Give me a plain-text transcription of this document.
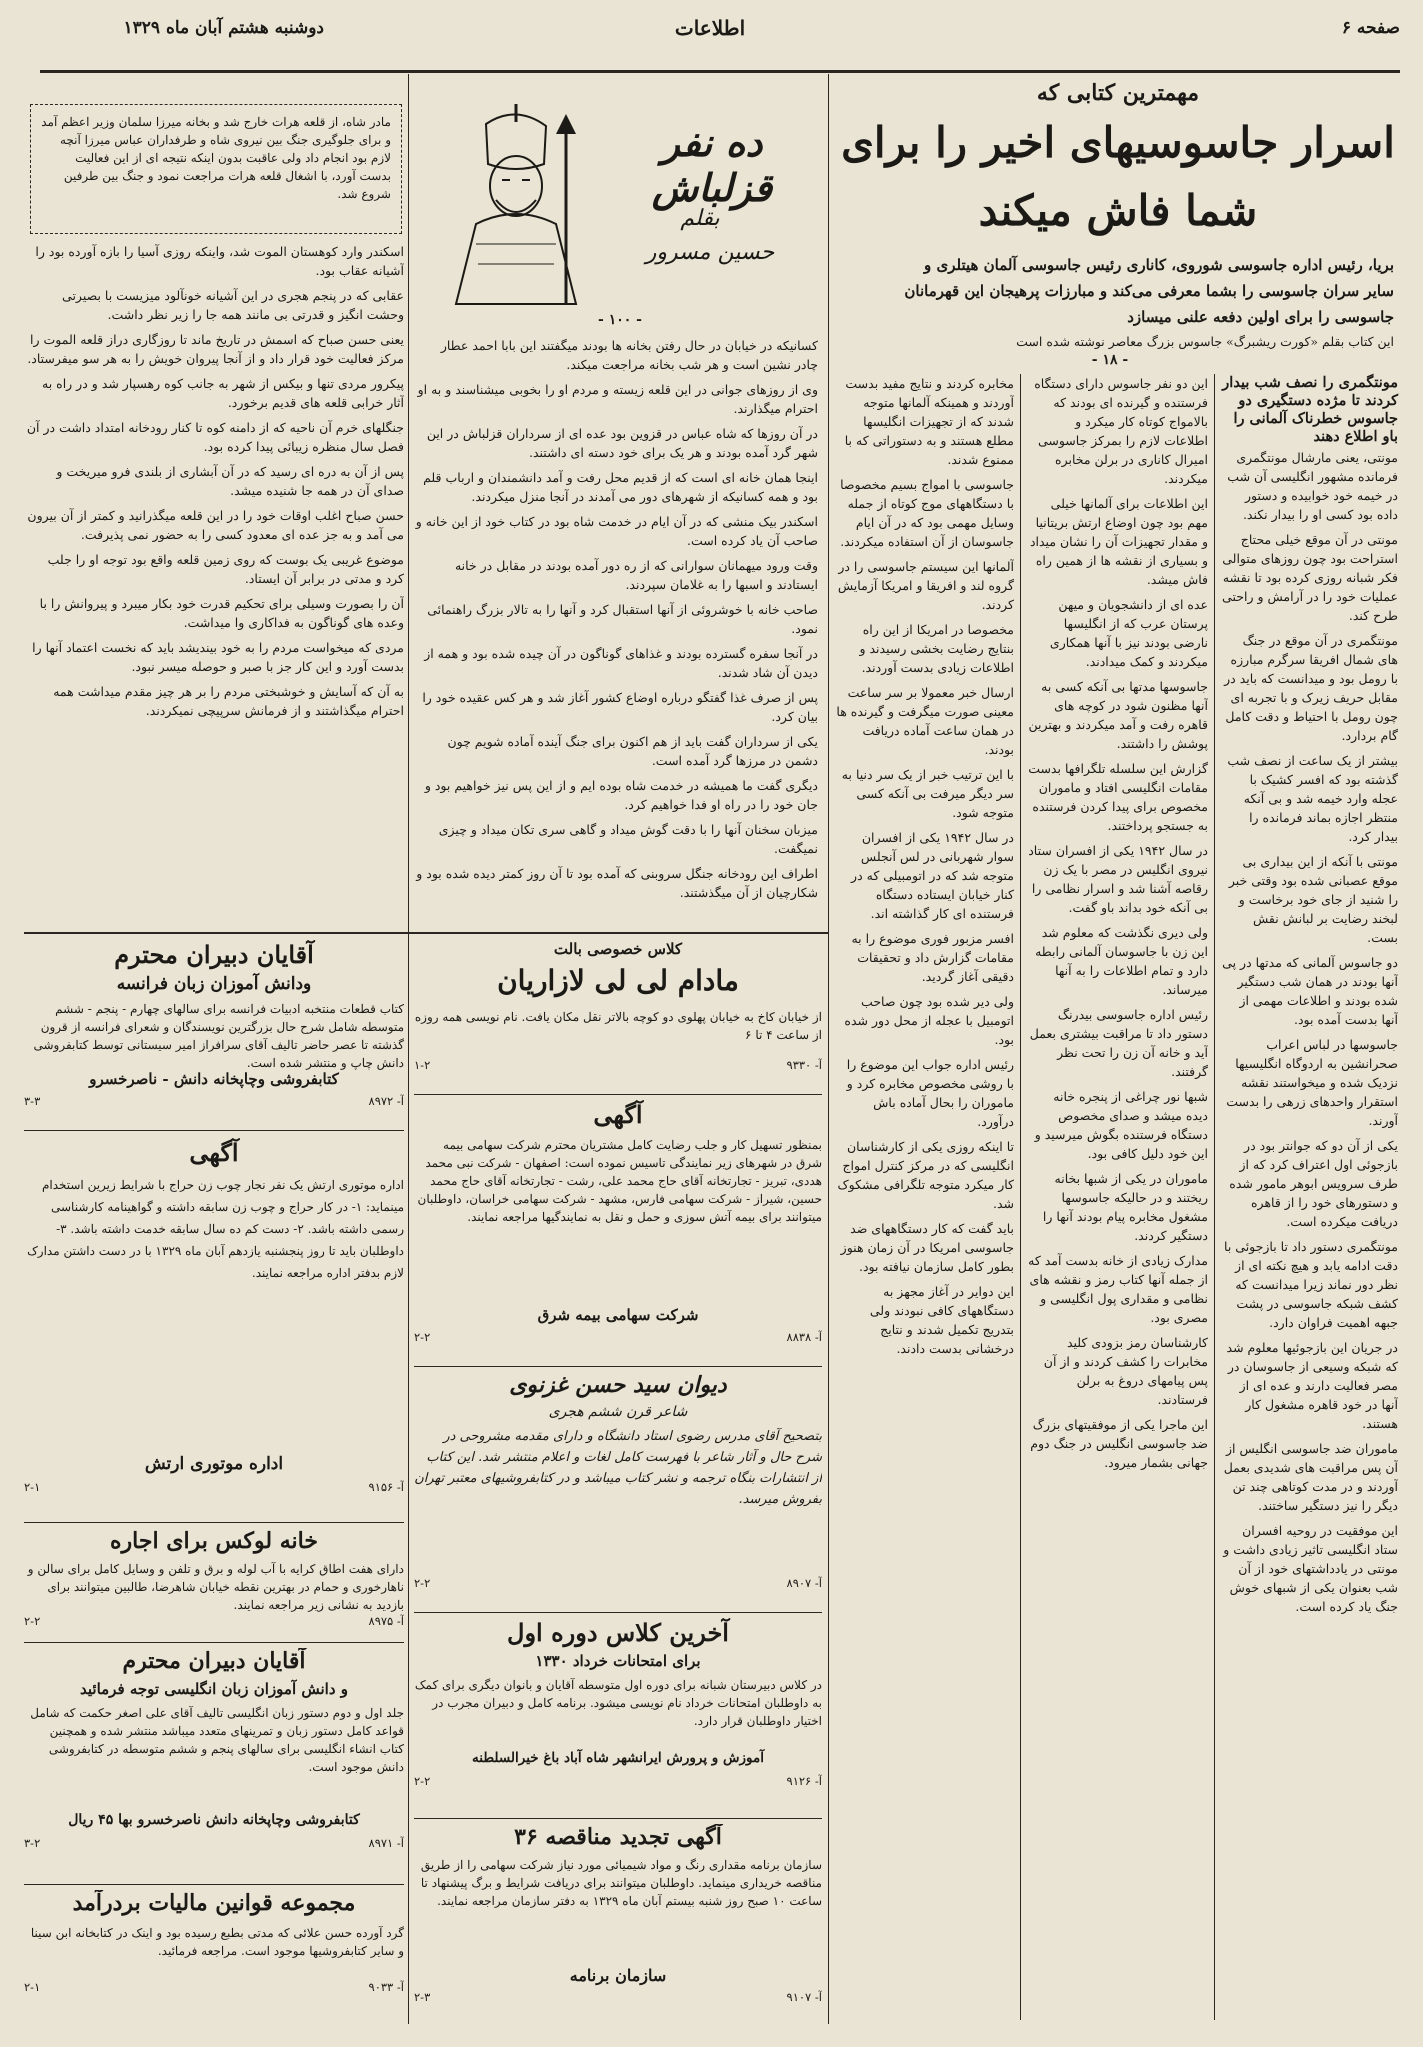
دوشنبه هشتم آبان ماه ۱۳۲۹	اطلاعات	صفحه ۶
مهمترین کتابی که
اسرار جاسوسیهای اخیر را برای
شما فاش میکند
بریا، رئیس اداره جاسوسی شوروی، کاناری رئیس جاسوسی آلمان هیتلری و
سایر سران جاسوسی را بشما معرفی می‌کند و مبارزات پرهیجان این قهرمانان
جاسوسی را برای اولین دفعه علنی میسازد
این کتاب بقلم «کورت ریشبرگ» جاسوس بزرگ معاصر نوشته شده است
- ۱۸ -
مونتگمری را نصف شب بیدار کردند تا مژده دستگیری دو جاسوس خطرناک آلمانی را باو اطلاع دهند

مونتی، یعنی مارشال مونتگمری فرمانده مشهور انگلیسی آن شب در خیمه خود خوابیده و دستور داده بود کسی او را بیدار نکند.

مونتی در آن موقع خیلی محتاج استراحت بود چون روزهای متوالی فکر شبانه روزی کرده بود تا نقشه عملیات خود را در آرامش و راحتی طرح کند.

مونتگمری در آن موقع در جنگ های شمال افریقا سرگرم مبارزه با رومل بود و میدانست که باید در مقابل حریف زیرک و با تجربه ای چون رومل با احتیاط و دقت کامل گام بردارد.

بیشتر از یک ساعت از نصف شب گذشته بود که افسر کشیک با عجله وارد خیمه شد و بی آنکه منتظر اجازه بماند فرمانده را بیدار کرد.

مونتی با آنکه از این بیداری بی موقع عصبانی شده بود وقتی خبر را شنید از جای خود برخاست و لبخند رضایت بر لبانش نقش بست.

دو جاسوس آلمانی که مدتها در پی آنها بودند در همان شب دستگیر شده بودند و اطلاعات مهمی از آنها بدست آمده بود.

جاسوسها در لباس اعراب صحرانشین به اردوگاه انگلیسیها نزدیک شده و میخواستند نقشه استقرار واحدهای زرهی را بدست آورند.

یکی از آن دو که جوانتر بود در بازجوئی اول اعتراف کرد که از طرف سرویس ابوهر مامور شده و دستورهای خود را از قاهره دریافت میکرده است.

مونتگمری دستور داد تا بازجوئی با دقت ادامه یابد و هیچ نکته ای از نظر دور نماند زیرا میدانست که کشف شبکه جاسوسی در پشت جبهه اهمیت فراوان دارد.

در جریان این بازجوئیها معلوم شد که شبکه وسیعی از جاسوسان در مصر فعالیت دارند و عده ای از آنها در خود قاهره مشغول کار هستند.

ماموران ضد جاسوسی انگلیس از آن پس مراقبت های شدیدی بعمل آوردند و در مدت کوتاهی چند تن دیگر را نیز دستگیر ساختند.

این موفقیت در روحیه افسران ستاد انگلیسی تاثیر زیادی داشت و مونتی در یادداشتهای خود از آن شب بعنوان یکی از شبهای خوش جنگ یاد کرده است.

این دو نفر جاسوس دارای دستگاه فرستنده و گیرنده ای بودند که بالامواج کوتاه کار میکرد و اطلاعات لازم را بمرکز جاسوسی امیرال کاناری در برلن مخابره میکردند.

این اطلاعات برای آلمانها خیلی مهم بود چون اوضاع ارتش بریتانیا و مقدار تجهیزات آن را نشان میداد و بسیاری از نقشه ها از همین راه فاش میشد.

عده ای از دانشجویان و میهن پرستان عرب که از انگلیسها نارضی بودند نیز با آنها همکاری میکردند و کمک میدادند.

جاسوسها مدتها بی آنکه کسی به آنها مظنون شود در کوچه های قاهره رفت و آمد میکردند و بهترین پوشش را داشتند.

گزارش این سلسله تلگرافها بدست مقامات انگلیسی افتاد و ماموران مخصوص برای پیدا کردن فرستنده به جستجو پرداختند.

در سال ۱۹۴۲ یکی از افسران ستاد نیروی انگلیس در مصر با یک زن رقاصه آشنا شد و اسرار نظامی را بی آنکه خود بداند باو گفت.

ولی دیری نگذشت که معلوم شد این زن با جاسوسان آلمانی رابطه دارد و تمام اطلاعات را به آنها میرساند.

رئیس اداره جاسوسی بیدرنگ دستور داد تا مراقبت بیشتری بعمل آید و خانه آن زن را تحت نظر گرفتند.

شبها نور چراغی از پنجره خانه دیده میشد و صدای مخصوص دستگاه فرستنده بگوش میرسید و این خود دلیل کافی بود.

ماموران در یکی از شبها بخانه ریختند و در حالیکه جاسوسها مشغول مخابره پیام بودند آنها را دستگیر کردند.

مدارک زیادی از خانه بدست آمد که از جمله آنها کتاب رمز و نقشه های نظامی و مقداری پول انگلیسی و مصری بود.

کارشناسان رمز بزودی کلید مخابرات را کشف کردند و از آن پس پیامهای دروغ به برلن فرستادند.

این ماجرا یکی از موفقیتهای بزرگ ضد جاسوسی انگلیس در جنگ دوم جهانی بشمار میرود.

مخابره کردند و نتایج مفید بدست آوردند و همینکه آلمانها متوجه شدند که از تجهیزات انگلیسها مطلع هستند و به دستوراتی که با ممنوع شدند.

جاسوسی با امواج بسیم مخصوصا با دستگاههای موج کوتاه از جمله وسایل مهمی بود که در آن ایام جاسوسان از آن استفاده میکردند.

آلمانها این سیستم جاسوسی را در گروه لند و افریقا و امریکا آزمایش کردند.

مخصوصا در امریکا از این راه بنتایج رضایت بخشی رسیدند و اطلاعات زیادی بدست آوردند.

ارسال خبر معمولا بر سر ساعت معینی صورت میگرفت و گیرنده ها در همان ساعت آماده دریافت بودند.

با این ترتیب خبر از یک سر دنیا به سر دیگر میرفت بی آنکه کسی متوجه شود.

در سال ۱۹۴۲ یکی از افسران سوار شهربانی در لس آنجلس متوجه شد که در اتومبیلی که در کنار خیابان ایستاده دستگاه فرستنده ای کار گذاشته اند.

افسر مزبور فوری موضوع را به مقامات گزارش داد و تحقیقات دقیقی آغاز گردید.

ولی دیر شده بود چون صاحب اتومبیل با عجله از محل دور شده بود.

رئیس اداره جواب این موضوع را با روشی مخصوص مخابره کرد و ماموران را بحال آماده باش درآورد.

تا اینکه روزی یکی از کارشناسان انگلیسی که در مرکز کنترل امواج کار میکرد متوجه تلگرافی مشکوک شد.

باید گفت که کار دستگاههای ضد جاسوسی امریکا در آن زمان هنوز بطور کامل سازمان نیافته بود.

این دوایر در آغاز مجهز به دستگاههای کافی نبودند ولی بتدریج تکمیل شدند و نتایج درخشانی بدست دادند.

ده نفر قزلباش
بقلم
حسین مسرور
- ۱۰۰ -

کسانیکه در خیابان در حال رفتن بخانه ها بودند میگفتند این بابا احمد عطار چادر نشین است و هر شب بخانه مراجعت میکند.

وی از روزهای جوانی در این قلعه زیسته و مردم او را بخوبی میشناسند و به او احترام میگذارند.

در آن روزها که شاه عباس در قزوین بود عده ای از سرداران قزلباش در این شهر گرد آمده بودند و هر یک برای خود دسته ای داشتند.

اینجا همان خانه ای است که از قدیم محل رفت و آمد دانشمندان و ارباب قلم بود و همه کسانیکه از شهرهای دور می آمدند در آنجا منزل میکردند.

اسکندر بیک منشی که در آن ایام در خدمت شاه بود در کتاب خود از این خانه و صاحب آن یاد کرده است.

وقت ورود میهمانان سوارانی که از ره دور آمده بودند در مقابل در خانه ایستادند و اسبها را به غلامان سپردند.

صاحب خانه با خوشروئی از آنها استقبال کرد و آنها را به تالار بزرگ راهنمائی نمود.

در آنجا سفره گسترده بودند و غذاهای گوناگون در آن چیده شده بود و همه از دیدن آن شاد شدند.

پس از صرف غذا گفتگو درباره اوضاع کشور آغاز شد و هر کس عقیده خود را بیان کرد.

یکی از سرداران گفت باید از هم اکنون برای جنگ آینده آماده شویم چون دشمن در مرزها گرد آمده است.

دیگری گفت ما همیشه در خدمت شاه بوده ایم و از این پس نیز خواهیم بود و جان خود را در راه او فدا خواهیم کرد.

میزبان سخنان آنها را با دقت گوش میداد و گاهی سری تکان میداد و چیزی نمیگفت.

اطراف این رودخانه جنگل سروبنی که آمده بود تا آن روز کمتر دیده شده بود و شکارچیان از آن میگذشتند.

مادر شاه، از قلعه هرات خارج شد و بخانه میرزا سلمان وزیر اعظم آمد و برای جلوگیری جنگ بین نیروی شاه و طرفداران عباس میرزا آنچه لازم بود انجام داد ولی عاقبت بدون اینکه نتیجه ای از این فعالیت بدست آورد، با اشغال قلعه هرات مراجعت نمود و جنگ بین طرفین شروع شد.

اسکندر وارد کوهستان الموت شد، واینکه روزی آسیا را بازه آورده بود را آشیانه عقاب بود.

عقابی که در پنجم هجری در این آشیانه خونآلود میزیست با بصیرتی وحشت انگیز و قدرتی بی مانند همه جا را زیر نظر داشت.

یعنی حسن صباح که اسمش در تاریخ ماند تا روزگاری دراز قلعه الموت را مرکز فعالیت خود قرار داد و از آنجا پیروان خویش را به هر سو میفرستاد.

پیکرور مردی تنها و بیکس از شهر به جانب کوه رهسپار شد و در راه به آثار خرابی قلعه های قدیم برخورد.

جنگلهای خرم آن ناحیه که از دامنه کوه تا کنار رودخانه امتداد داشت در آن فصل سال منظره زیبائی پیدا کرده بود.

پس از آن به دره ای رسید که در آن آبشاری از بلندی فرو میریخت و صدای آن در همه جا شنیده میشد.

حسن صباح اغلب اوقات خود را در این قلعه میگذرانید و کمتر از آن بیرون می آمد و به جز عده ای معدود کسی را به حضور نمی پذیرفت.

موضوع غریبی یک بوست که روی زمین قلعه واقع بود توجه او را جلب کرد و مدتی در برابر آن ایستاد.

آن را بصورت وسیلی برای تحکیم قدرت خود بکار میبرد و پیروانش را با وعده های گوناگون به فداکاری وا میداشت.

مردی که میخواست مردم را به خود بیندیشد باید که نخست اعتماد آنها را بدست آورد و این کار جز با صبر و حوصله میسر نبود.

به آن که آسایش و خوشبختی مردم را بر هر چیز مقدم میداشت همه احترام میگذاشتند و از فرمانش سرپیچی نمیکردند.

آقایان دبیران محترم
ودانش آموزان زبان فرانسه
کتاب قطعات منتخبه ادبیات فرانسه برای سالهای چهارم - پنجم - ششم متوسطه شامل شرح حال بزرگترین نویسندگان و شعرای فرانسه از قرون گذشته تا عصر حاضر تالیف آقای سرافراز امیر سیستانی توسط کتابفروشی دانش چاپ و منتشر شده است.
کتابفروشی وچاپخانه دانش - ناصرخسرو
آ- ۸۹۷۲
۳-۳
آگهی
اداره موتوری ارتش یک نفر نجار چوب زن حراج با شرایط زیرین استخدام مینماید: ۱- در کار حراج و چوب زن سابقه داشته و گواهینامه کارشناسی رسمی داشته باشد. ۲- دست کم ده سال سابقه خدمت داشته باشد. ۳- داوطلبان باید تا روز پنجشنبه یازدهم آبان ماه ۱۳۲۹ با در دست داشتن مدارک لازم بدفتر اداره مراجعه نمایند.
اداره موتوری ارتش
آ- ۹۱۵۶
۲-۱
خانه لوکس برای اجاره
دارای هفت اطاق کرایه با آب لوله و برق و تلفن و وسایل کامل برای سالن و ناهارخوری و حمام در بهترین نقطه خیابان شاهرضا، طالبین میتوانند برای بازدید به نشانی زیر مراجعه نمایند.
آ- ۸۹۷۵
۲-۲
آقایان دبیران محترم
و دانش آموزان زبان انگلیسی توجه فرمائید
جلد اول و دوم دستور زبان انگلیسی تالیف آقای علی اصغر حکمت که شامل قواعد کامل دستور زبان و تمرینهای متعدد میباشد منتشر شده و همچنین کتاب انشاء انگلیسی برای سالهای پنجم و ششم متوسطه در کتابفروشی دانش موجود است.
کتابفروشی وچاپخانه دانش ناصرخسرو بها ۴۵ ریال
آ- ۸۹۷۱
۳-۲
مجموعه قوانین مالیات بردرآمد
گرد آورده حسن علائی که مدتی بطبع رسیده بود و اینک در کتابخانه ابن سینا و سایر کتابفروشیها موجود است. مراجعه فرمائید.
آ- ۹۰۳۳
۲-۱
کلاس خصوصی بالت
مادام لی لی لازاریان
از خیابان کاخ به خیابان پهلوی دو کوچه بالاتر نقل مکان یافت. نام نویسی همه روزه از ساعت ۴ تا ۶
آ- ۹۳۳۰
۱-۲
آگهی
بمنظور تسهیل کار و جلب رضایت کامل مشتریان محترم شرکت سهامی بیمه شرق در شهرهای زیر نمایندگی تاسیس نموده است: اصفهان - شرکت نبی محمد هددی، تبریز - تجارتخانه آقای حاج محمد علی، رشت - تجارتخانه آقای حاج محمد حسین، شیراز - شرکت سهامی فارس، مشهد - شرکت سهامی خراسان، داوطلبان میتوانند برای بیمه آتش سوزی و حمل و نقل به نمایندگیها مراجعه نمایند.
شرکت سهامی بیمه شرق
آ- ۸۸۳۸
۲-۲
دیوان سید حسن غزنوی
شاعر قرن ششم هجری
بتصحیح آقای مدرس رضوی استاد دانشگاه و دارای مقدمه مشروحی در شرح حال و آثار شاعر با فهرست کامل لغات و اعلام منتشر شد. این کتاب از انتشارات بنگاه ترجمه و نشر کتاب میباشد و در کتابفروشیهای معتبر تهران بفروش میرسد.
آ- ۸۹۰۷
۲-۲
آخرین کلاس دوره اول
برای امتحانات خرداد ۱۳۳۰
در کلاس دبیرستان شبانه برای دوره اول متوسطه آقایان و بانوان دیگری برای کمک به داوطلبان امتحانات خرداد نام نویسی میشود. برنامه کامل و دبیران مجرب در اختیار داوطلبان قرار دارد.
آموزش و پرورش ایرانشهر شاه آباد باغ خیرالسلطنه
آ- ۹۱۲۶
۲-۲
آگهی تجدید مناقصه ۳۶
سازمان برنامه مقداری رنگ و مواد شیمیائی مورد نیاز شرکت سهامی را از طریق مناقصه خریداری مینماید. داوطلبان میتوانند برای دریافت شرایط و برگ پیشنهاد تا ساعت ۱۰ صبح روز شنبه بیستم آبان ماه ۱۳۲۹ به دفتر سازمان مراجعه نمایند.
سازمان برنامه
آ- ۹۱۰۷
۲-۳
